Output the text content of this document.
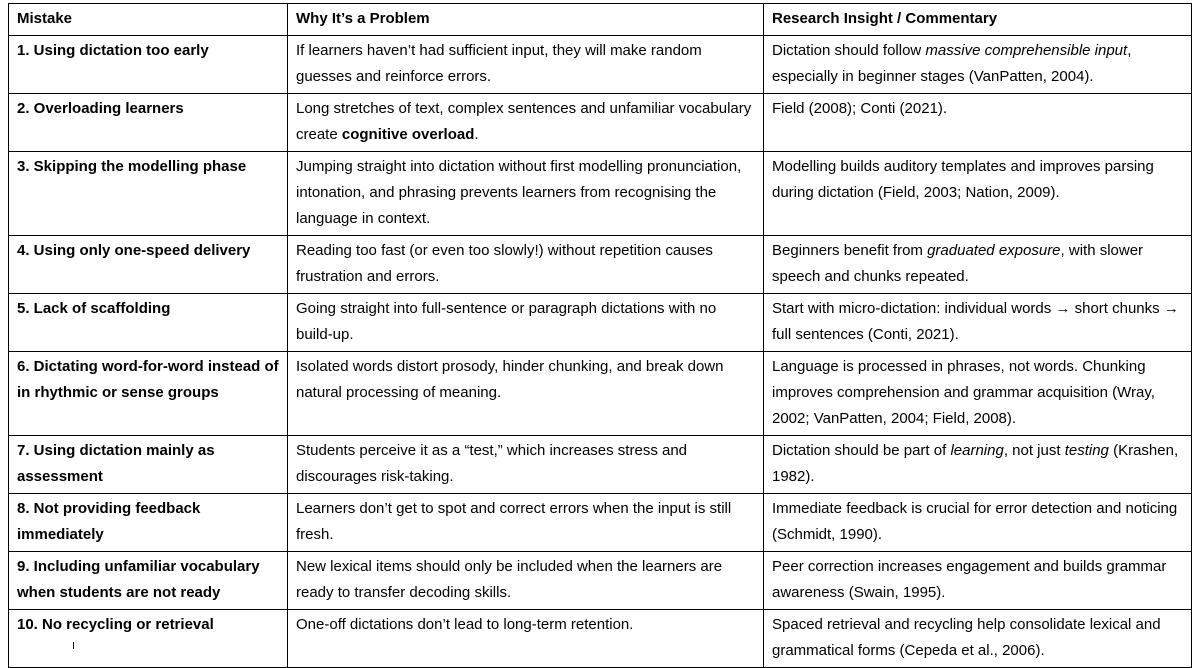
Mistake	Why It’s a Problem	Research Insight / Commentary
1. Using dictation too early	If learners haven’t had sufficient input, they will make random guesses and reinforce errors.	Dictation should follow massive comprehensible input, especially in beginner stages (VanPatten, 2004).
2. Overloading learners	Long stretches of text, complex sentences and unfamiliar vocabulary create cognitive overload.	Field (2008); Conti (2021).
3. Skipping the modelling phase	Jumping straight into dictation without first modelling pronunciation, intonation, and phrasing prevents learners from recognising the language in context.	Modelling builds auditory templates and improves parsing during dictation (Field, 2003; Nation, 2009).
4. Using only one-speed delivery	Reading too fast (or even too slowly!) without repetition causes frustration and errors.	Beginners benefit from graduated exposure, with slower speech and chunks repeated.
5. Lack of scaffolding	Going straight into full-sentence or paragraph dictations with no build-up.	Start with micro-dictation: individual words → short chunks → full sentences (Conti, 2021).
6. Dictating word-for-word instead of in rhythmic or sense groups	Isolated words distort prosody, hinder chunking, and break down natural processing of meaning.	Language is processed in phrases, not words. Chunking improves comprehension and grammar acquisition (Wray, 2002; VanPatten, 2004; Field, 2008).
7. Using dictation mainly as assessment	Students perceive it as a “test,” which increases stress and discourages risk-taking.	Dictation should be part of learning, not just testing (Krashen, 1982).
8. Not providing feedback immediately	Learners don’t get to spot and correct errors when the input is still fresh.	Immediate feedback is crucial for error detection and noticing (Schmidt, 1990).
9. Including unfamiliar vocabulary when students are not ready	New lexical items should only be included when the learners are ready to transfer decoding skills.	Peer correction increases engagement and builds grammar awareness (Swain, 1995).
10. No recycling or retrieval	One-off dictations don’t lead to long-term retention.	Spaced retrieval and recycling help consolidate lexical and grammatical forms (Cepeda et al., 2006).
